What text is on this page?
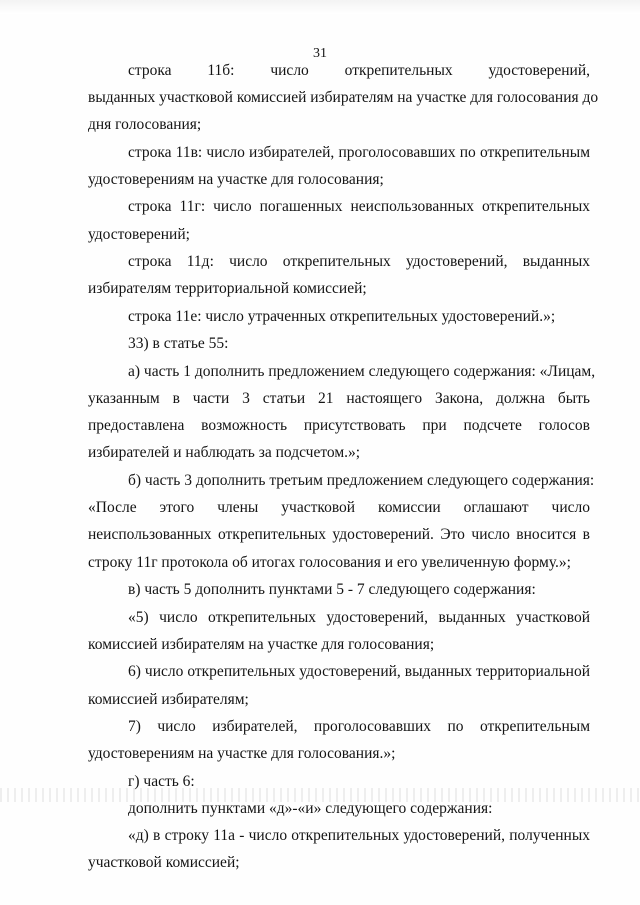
31
строка 11б: число открепительных удостоверений,
выданных участковой комиссией избирателям на участке для голосования до
дня голосования;
строка 11в: число избирателей, проголосовавших по открепительным
удостоверениям на участке для голосования;
строка 11г: число погашенных неиспользованных открепительных
удостоверений;
строка 11д: число открепительных удостоверений, выданных
избирателям территориальной комиссией;
строка 11е: число утраченных открепительных удостоверений.»;
33) в статье 55:
а) часть 1 дополнить предложением следующего содержания: «Лицам,
указанным в части 3 статьи 21 настоящего Закона, должна быть
предоставлена возможность присутствовать при подсчете голосов
избирателей и наблюдать за подсчетом.»;
б) часть 3 дополнить третьим предложением следующего содержания:
«После этого члены участковой комиссии оглашают число
неиспользованных открепительных удостоверений. Это число вносится в
строку 11г протокола об итогах голосования и его увеличенную форму.»;
в) часть 5 дополнить пунктами 5 - 7 следующего содержания:
«5) число открепительных удостоверений, выданных участковой
комиссией избирателям на участке для голосования;
6) число открепительных удостоверений, выданных территориальной
комиссией избирателям;
7) число избирателей, проголосовавших по открепительным
удостоверениям на участке для голосования.»;
г) часть 6:
дополнить пунктами «д»-«и» следующего содержания:
«д) в строку 11а - число открепительных удостоверений, полученных
участковой комиссией;
